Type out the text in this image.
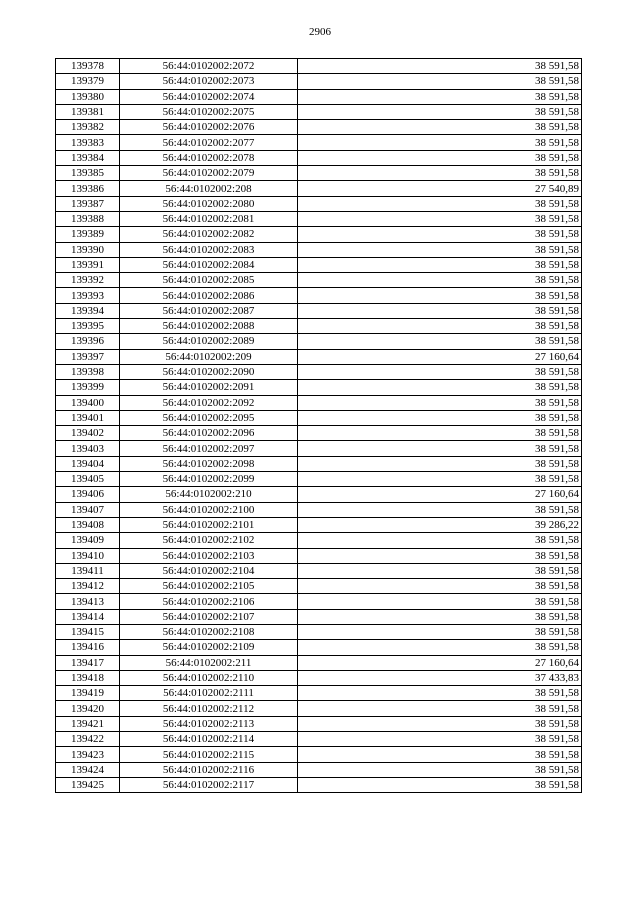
2906
139378	56:44:0102002:2072	38 591,58
139379	56:44:0102002:2073	38 591,58
139380	56:44:0102002:2074	38 591,58
139381	56:44:0102002:2075	38 591,58
139382	56:44:0102002:2076	38 591,58
139383	56:44:0102002:2077	38 591,58
139384	56:44:0102002:2078	38 591,58
139385	56:44:0102002:2079	38 591,58
139386	56:44:0102002:208	27 540,89
139387	56:44:0102002:2080	38 591,58
139388	56:44:0102002:2081	38 591,58
139389	56:44:0102002:2082	38 591,58
139390	56:44:0102002:2083	38 591,58
139391	56:44:0102002:2084	38 591,58
139392	56:44:0102002:2085	38 591,58
139393	56:44:0102002:2086	38 591,58
139394	56:44:0102002:2087	38 591,58
139395	56:44:0102002:2088	38 591,58
139396	56:44:0102002:2089	38 591,58
139397	56:44:0102002:209	27 160,64
139398	56:44:0102002:2090	38 591,58
139399	56:44:0102002:2091	38 591,58
139400	56:44:0102002:2092	38 591,58
139401	56:44:0102002:2095	38 591,58
139402	56:44:0102002:2096	38 591,58
139403	56:44:0102002:2097	38 591,58
139404	56:44:0102002:2098	38 591,58
139405	56:44:0102002:2099	38 591,58
139406	56:44:0102002:210	27 160,64
139407	56:44:0102002:2100	38 591,58
139408	56:44:0102002:2101	39 286,22
139409	56:44:0102002:2102	38 591,58
139410	56:44:0102002:2103	38 591,58
139411	56:44:0102002:2104	38 591,58
139412	56:44:0102002:2105	38 591,58
139413	56:44:0102002:2106	38 591,58
139414	56:44:0102002:2107	38 591,58
139415	56:44:0102002:2108	38 591,58
139416	56:44:0102002:2109	38 591,58
139417	56:44:0102002:211	27 160,64
139418	56:44:0102002:2110	37 433,83
139419	56:44:0102002:2111	38 591,58
139420	56:44:0102002:2112	38 591,58
139421	56:44:0102002:2113	38 591,58
139422	56:44:0102002:2114	38 591,58
139423	56:44:0102002:2115	38 591,58
139424	56:44:0102002:2116	38 591,58
139425	56:44:0102002:2117	38 591,58
